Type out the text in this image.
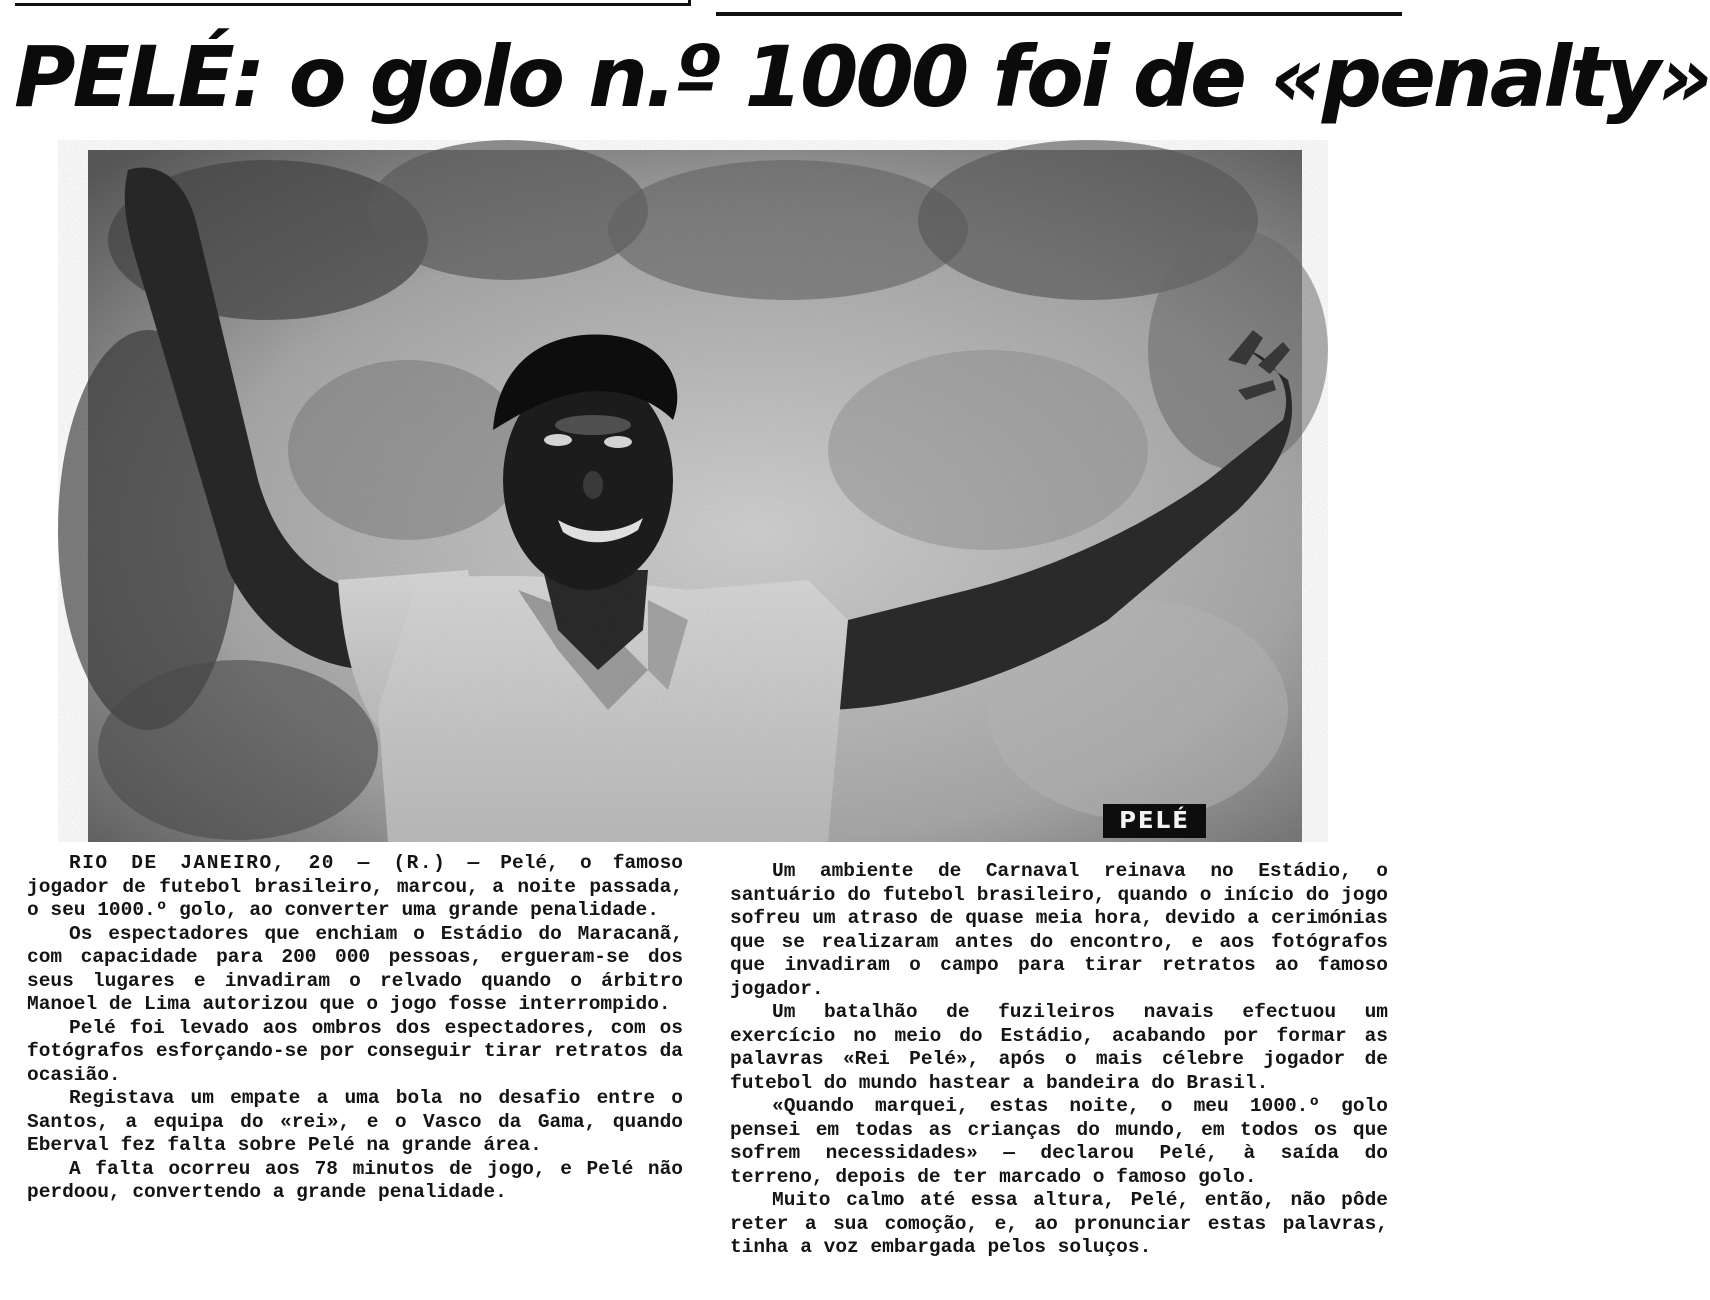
PELÉ: o golo n.º 1000 foi de «penalty»
PELÉ

RIO DE JANEIRO, 20 — (R.) — Pelé, o famoso jogador de futebol brasileiro, marcou, a noite passada, o seu 1000.º golo, ao converter uma grande penalidade.

Os espectadores que enchiam o Estádio do Maracanã, com capacidade para 200 000 pessoas, ergueram-se dos seus lugares e invadiram o relvado quando o árbitro Manoel de Lima autorizou que o jogo fosse interrompido.

Pelé foi levado aos ombros dos espectadores, com os fotógrafos esforçando-se por conseguir tirar retratos da ocasião.

Registava um empate a uma bola no desafio entre o Santos, a equipa do «rei», e o Vasco da Gama, quando Eberval fez falta sobre Pelé na grande área.

A falta ocorreu aos 78 minutos de jogo, e Pelé não perdoou, convertendo a grande penalidade.

Um ambiente de Carnaval reinava no Estádio, o santuário do futebol brasileiro, quando o início do jogo sofreu um atraso de quase meia hora, devido a cerimónias que se realizaram antes do encontro, e aos fotógrafos que invadiram o campo para tirar retratos ao famoso jogador.

Um batalhão de fuzileiros navais efectuou um exercício no meio do Estádio, acabando por formar as palavras «Rei Pelé», após o mais célebre jogador de futebol do mundo hastear a bandeira do Brasil.

«Quando marquei, estas noite, o meu 1000.º golo pensei em todas as crianças do mundo, em todos os que sofrem necessidades» — declarou Pelé, à saída do terreno, depois de ter marcado o famoso golo.

Muito calmo até essa altura, Pelé, então, não pôde reter a sua comoção, e, ao pronunciar estas palavras, tinha a voz embargada pelos soluços.
